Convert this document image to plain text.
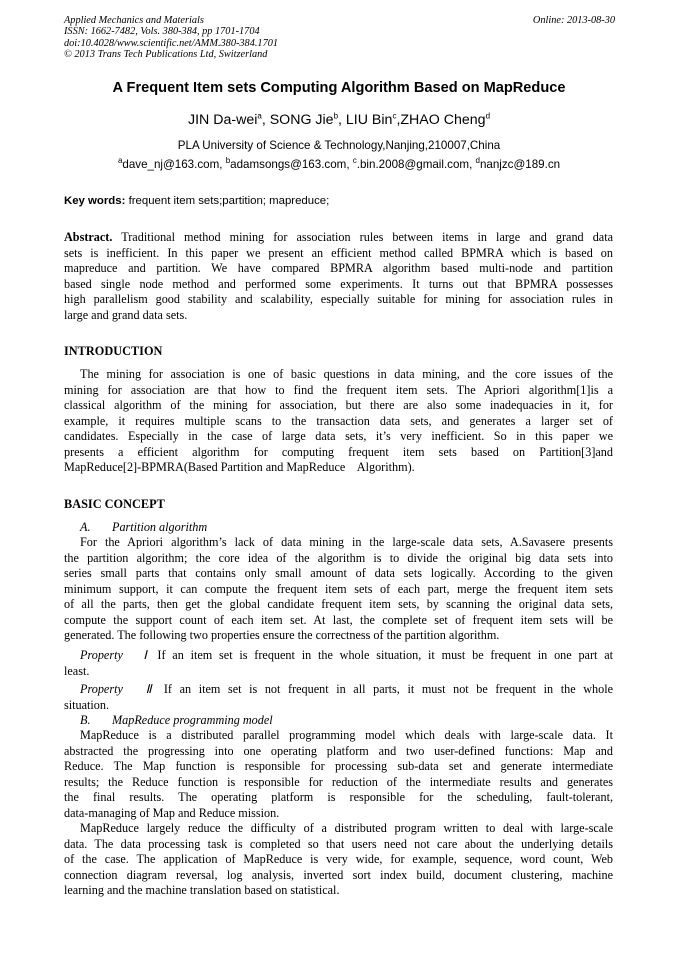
Applied Mechanics and Materials
ISSN: 1662-7482, Vols. 380-384, pp 1701-1704
doi:10.4028/www.scientific.net/AMM.380-384.1701
© 2013 Trans Tech Publications Ltd, Switzerland
Online: 2013-08-30
A Frequent Item sets Computing Algorithm Based on MapReduce
JIN Da-wei$^a$, SONG Jie$^b$, LIU Bin$^c$,ZHAO Cheng$^d$
PLA University of Science & Technology,Nanjing,210007,China
$^a$dave_nj@163.com, $^b$adamsongs@163.com, $^c$.bin.2008@gmail.com, $^d$nanjzc@189.cn
Key words: frequent item sets;partition; mapreduce;
Abstract. Traditional method mining for association rules between items in large and grand data
sets is inefficient. In this paper we present an efficient method called BPMRA which is based on
mapreduce and partition. We have compared BPMRA algorithm based multi-node and partition
based single node method and performed some experiments. It turns out that BPMRA possesses
high parallelism good stability and scalability, especially suitable for mining for association rules in
large and grand data sets.
INTRODUCTION
The mining for association is one of basic questions in data mining, and the core issues of the
mining for association are that how to find the frequent item sets. The Apriori algorithm[1]is a
classical algorithm of the mining for association, but there are also some inadequacies in it, for
example, it requires multiple scans to the transaction data sets, and generates a larger set of
candidates. Especially in the case of large data sets, it’s very inefficient. So in this paper we
presents a efficient algorithm for computing frequent item sets based on Partition[3]and
MapReduce[2]-BPMRA(Based Partition and MapReduce    Algorithm).
BASIC CONCEPT
A. Partition algorithm
For the Apriori algorithm’s lack of data mining in the large-scale data sets, A.Savasere presents
the partition algorithm; the core idea of the algorithm is to divide the original big data sets into
series small parts that contains only small amount of data sets logically. According to the given
minimum support, it can compute the frequent item sets of each part, merge the frequent item sets
of all the parts, then get the global candidate frequent item sets, by scanning the original data sets,
compute the support count of each item set. At last, the complete set of frequent item sets will be
generated. The following two properties ensure the correctness of the partition algorithm.
Property   Ⅰ If an item set is frequent in the whole situation, it must be frequent in one part at
least.
Property   Ⅱ If an item set is not frequent in all parts, it must not be frequent in the whole
situation.
B. MapReduce programming model
MapReduce is a distributed parallel programming model which deals with large-scale data. It
abstracted the progressing into one operating platform and two user-defined functions: Map and
Reduce. The Map function is responsible for processing sub-data set and generate intermediate
results; the Reduce function is responsible for reduction of the intermediate results and generates
the final results. The operating platform is responsible for the scheduling, fault-tolerant,
data-managing of Map and Reduce mission.
MapReduce largely reduce the difficulty of a distributed program written to deal with large-scale
data. The data processing task is completed so that users need not care about the underlying details
of the case. The application of MapReduce is very wide, for example, sequence, word count, Web
connection diagram reversal, log analysis, inverted sort index build, document clustering, machine
learning and the machine translation based on statistical.
